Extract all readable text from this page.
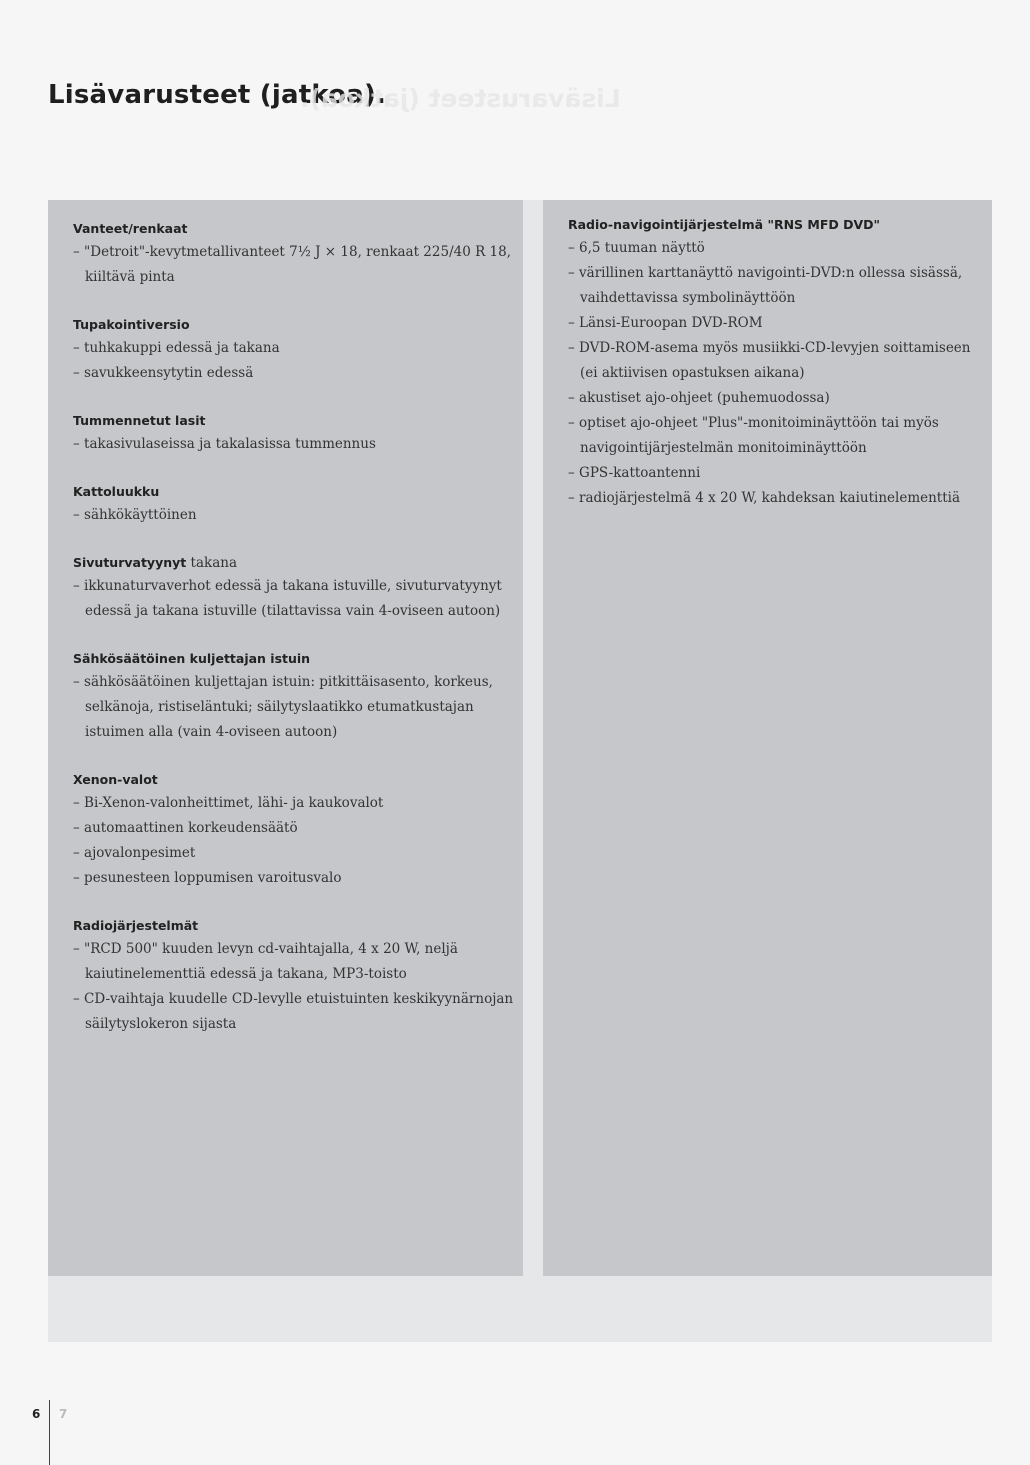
Lisävarusteet (jatkoa).
Lisävarusteet (jatkoa).
Vanteet/renkaat
– "Detroit"-kevytmetallivanteet 7½ J × 18, renkaat 225/40 R 18, kiiltävä pinta
Tupakointiversio
– tuhkakuppi edessä ja takana
– savukkeensytytin edessä
Tummennetut lasit
– takasivulaseissa ja takalasissa tummennus
Kattoluukku
– sähkökäyttöinen
Sivuturvatyynyt takana
– ikkunaturvaverhot edessä ja takana istuville, sivuturvatyynyt edessä ja takana istuville (tilattavissa vain 4-oviseen autoon)
Sähkösäätöinen kuljettajan istuin
– sähkösäätöinen kuljettajan istuin: pitkittäisasento, korkeus, selkänoja, ristiseläntuki; säilytyslaatikko etumatkustajan istuimen alla (vain 4-oviseen autoon)
Xenon-valot
– Bi-Xenon-valonheittimet, lähi- ja kaukovalot
– automaattinen korkeudensäätö
– ajovalonpesimet
– pesunesteen loppumisen varoitusvalo
Radiojärjestelmät
– "RCD 500" kuuden levyn cd-vaihtajalla, 4 x 20 W, neljä kaiutinelementtiä edessä ja takana, MP3-toisto
– CD-vaihtaja kuudelle CD-levylle etuistuinten keskikyynärnojan säilytyslokeron sijasta
Radio-navigointijärjestelmä "RNS MFD DVD"
– 6,5 tuuman näyttö
– värillinen karttanäyttö navigointi-DVD:n ollessa sisässä, vaihdettavissa symbolinäyttöön
– Länsi-Euroopan DVD-ROM
– DVD-ROM-asema myös musiikki-CD-levyjen soittamiseen (ei aktiivisen opastuksen aikana)
– akustiset ajo-ohjeet (puhemuodossa)
– optiset ajo-ohjeet "Plus"-monitoiminäyttöön tai myös navigointijärjestelmän monitoiminäyttöön
– GPS-kattoantenni
– radiojärjestelmä 4 x 20 W, kahdeksan kaiutinelementtiä
6 7
